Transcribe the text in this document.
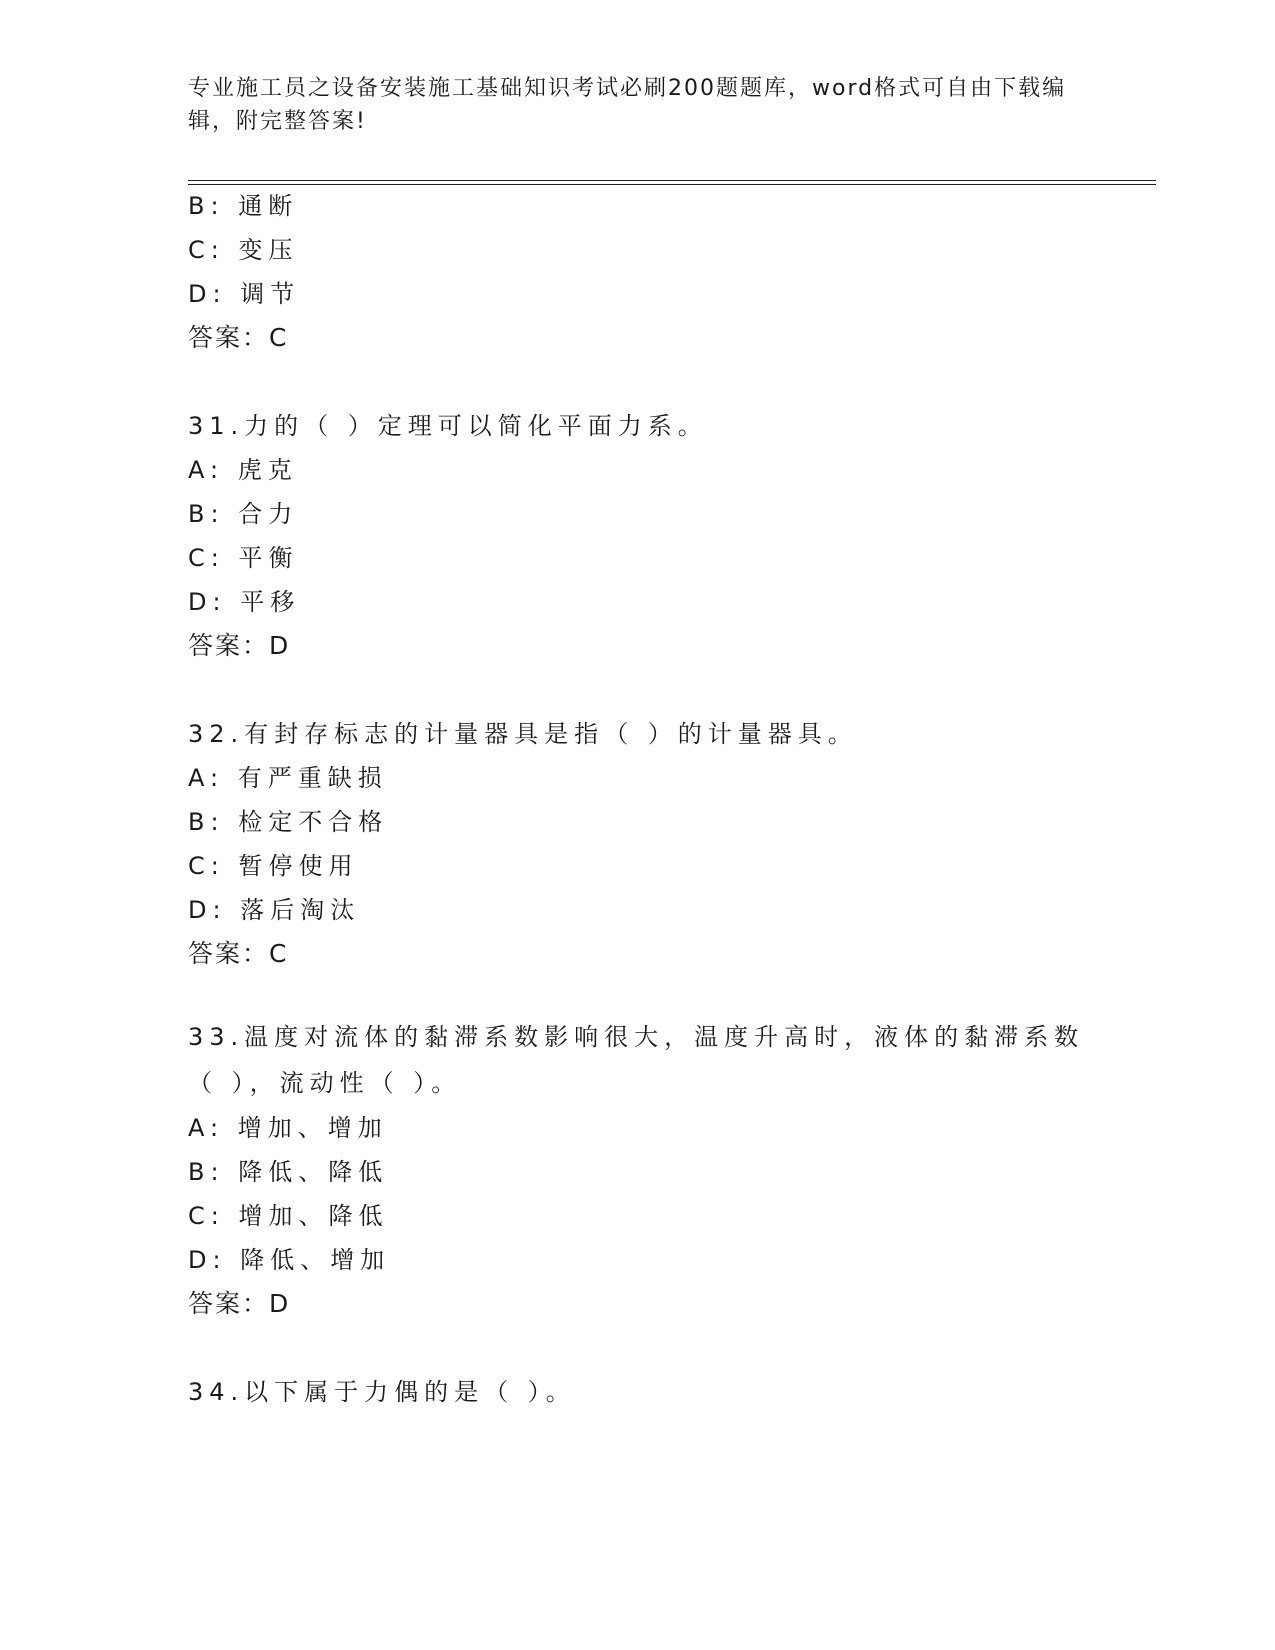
专业施工员之设备安装施工基础知识考试必刷200题题库，word格式可自由下载编辑，附完整答案!
B: 通断
C: 变压
D: 调节
答案：C
31.力的（ ）定理可以简化平面力系。
A: 虎克
B: 合力
C: 平衡
D: 平移
答案：D
32.有封存标志的计量器具是指（ ）的计量器具。
A: 有严重缺损
B: 检定不合格
C: 暂停使用
D: 落后淘汰
答案：C
33.温度对流体的黏滞系数影响很大，温度升高时，液体的黏滞系数（ ），流动性（ ）。
A: 增加、增加
B: 降低、降低
C: 增加、降低
D: 降低、增加
答案：D
34.以下属于力偶的是（ ）。
